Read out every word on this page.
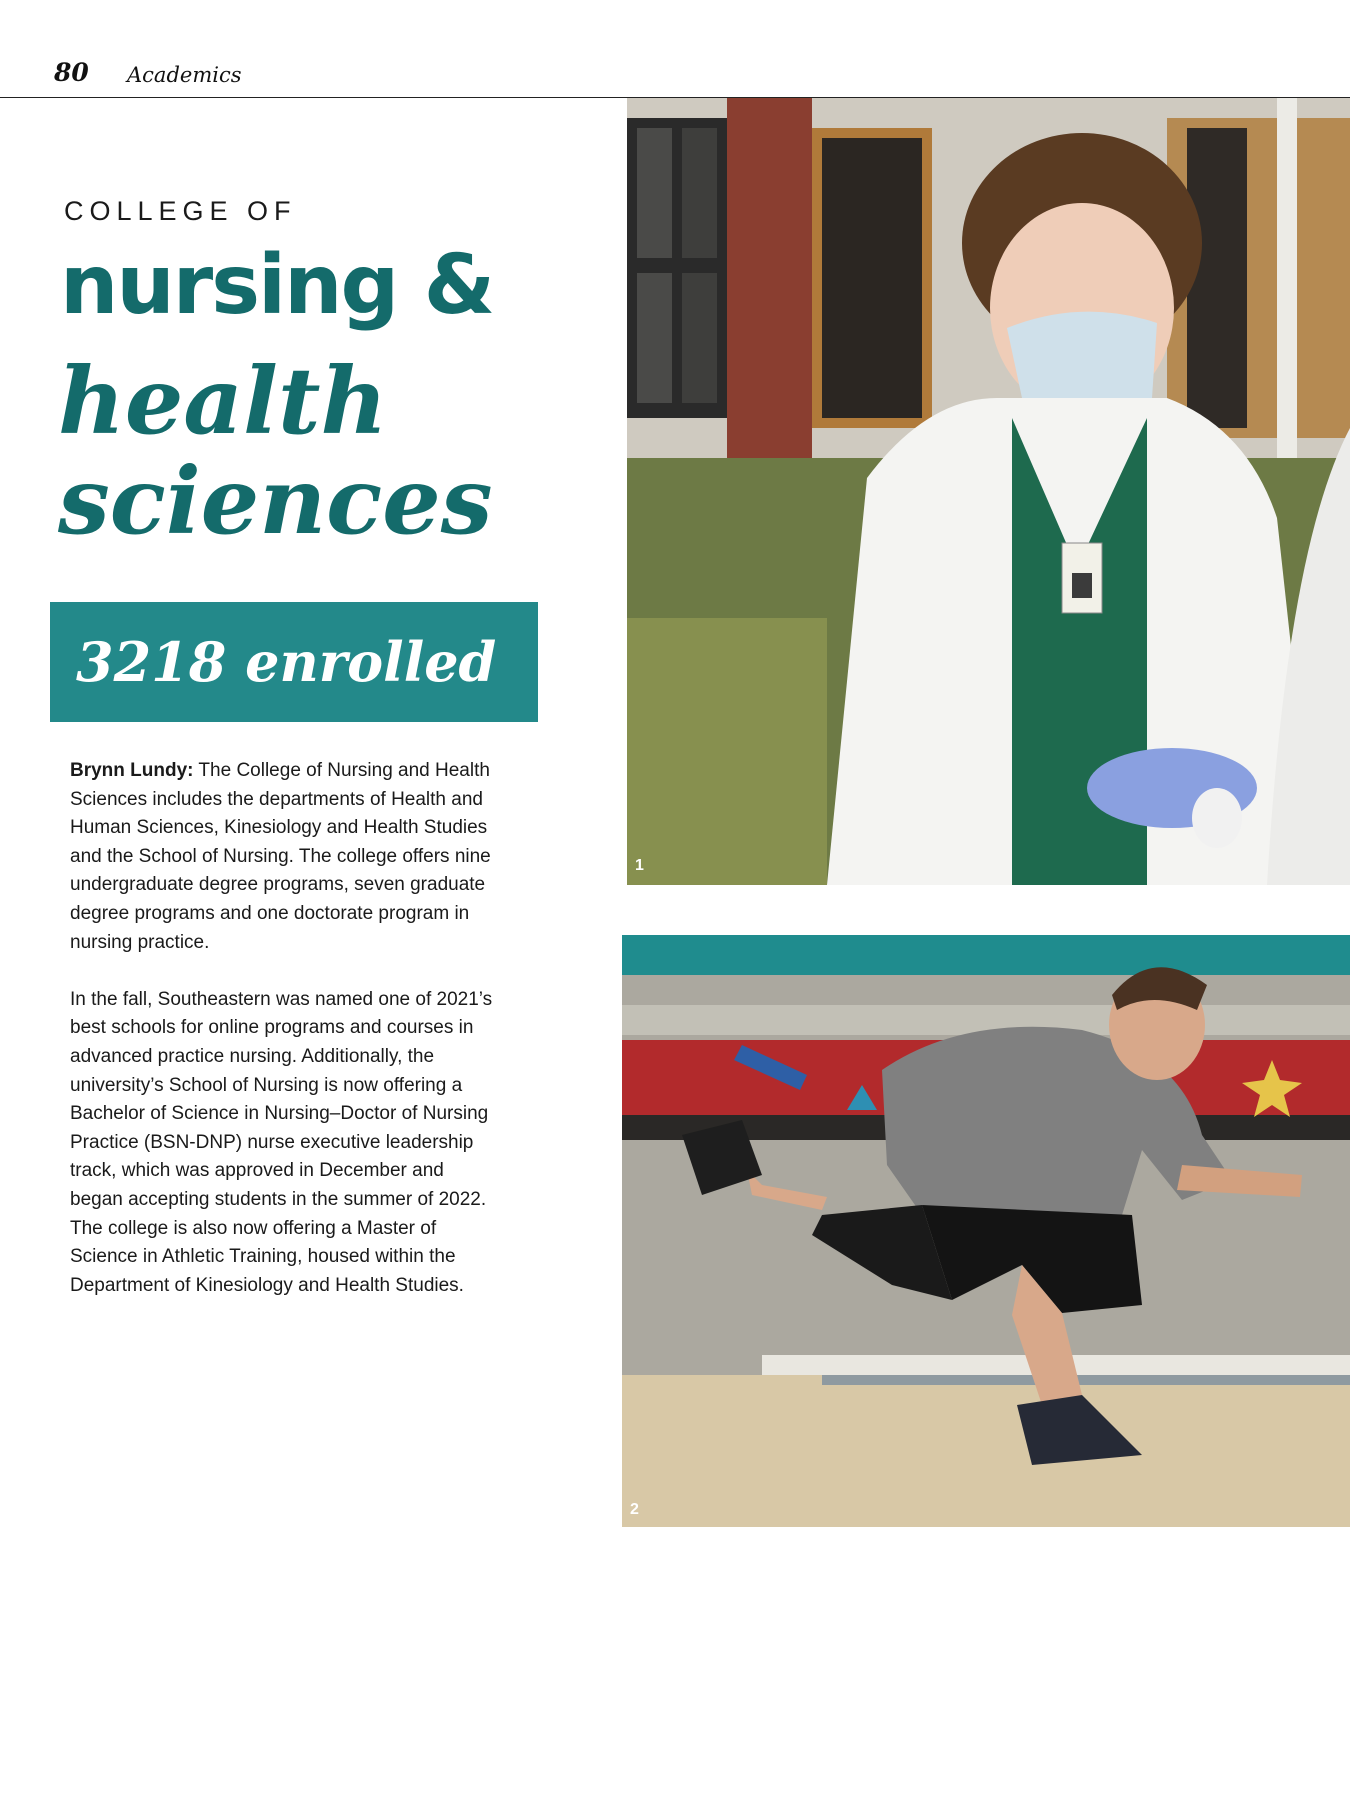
80 Academics
COLLEGE OF
nursing &
health
sciences
3218 enrolled

Brynn Lundy: The College of Nursing and Health Sciences includes the departments of Health and Human Sciences, Kinesiology and Health Studies and the School of Nursing. The college offers nine undergraduate degree programs, seven graduate degree programs and one doctorate program in nursing practice.

In the fall, Southeastern was named one of 2021’s best schools for online programs and courses in advanced practice nursing. Additionally, the university’s School of Nursing is now offering a Bachelor of Science in Nursing–Doctor of Nursing Practice (BSN-DNP) nurse executive leadership track, which was approved in December and began accepting students in the summer of 2022. The college is also now offering a Master of Science in Athletic Training, housed within the Department of Kinesiology and Health Studies.

1
2
